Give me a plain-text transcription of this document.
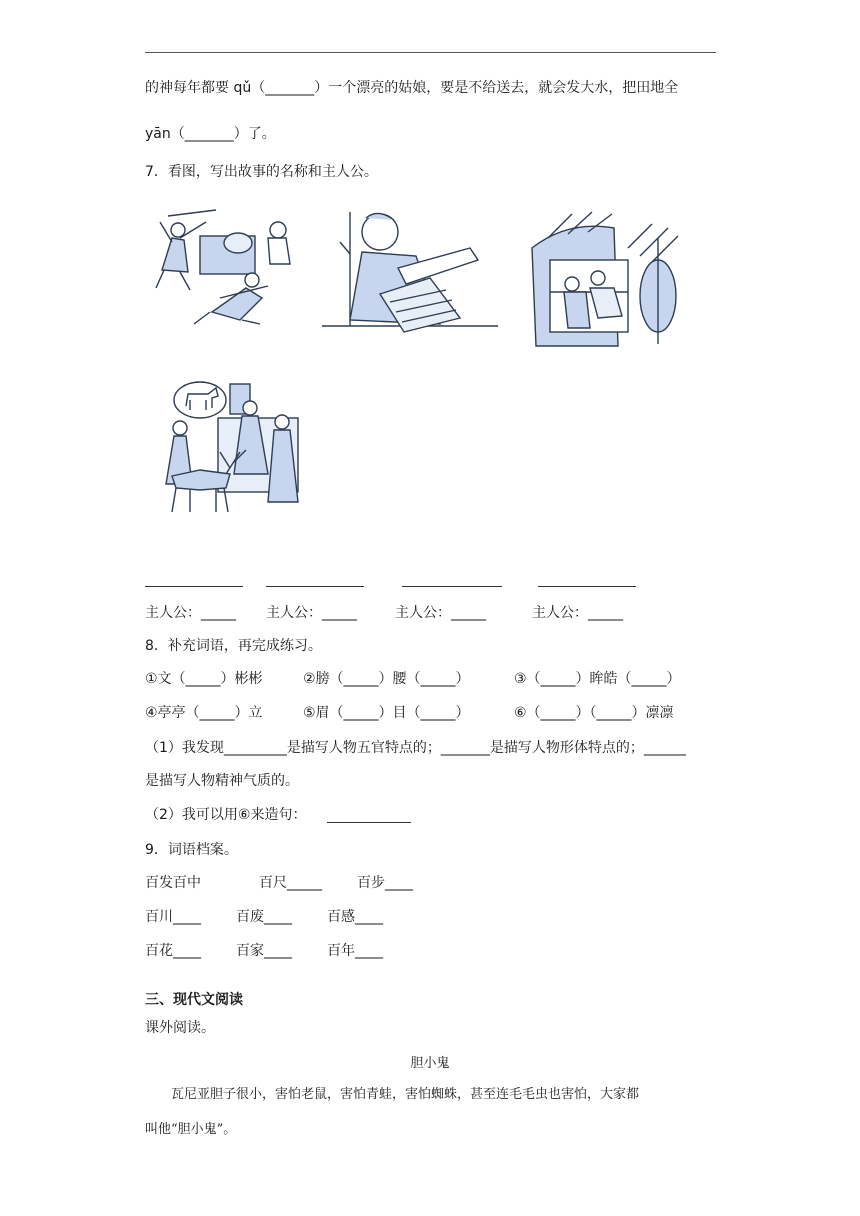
的神每年都要 qǔ（_______）一个漂亮的姑娘，要是不给送去，就会发大水，把田地全
yān（_______）了。
7．看图，写出故事的名称和主人公。
主人公：_____ 主人公：_____	主人公：_____	主人公：_____
8．补充词语，再完成练习。
①文（_____）彬彬	②膀（_____）腰（_____）	③（_____）眸皓（_____）
④亭亭（_____）立	⑤眉（_____）目（_____）	⑥（_____）（_____）凛凛
（1）我发现_________是描写人物五官特点的；_______是描写人物形体特点的；______
是描写人物精神气质的。
（2）我可以用⑥来造句：
9．词语档案。
百发百中	百尺_____	百步____
百川____	百废____	百感____
百花____	百家____	百年____
三、现代文阅读
课外阅读。
胆小鬼
瓦尼亚胆子很小，害怕老鼠，害怕青蛙，害怕蜘蛛，甚至连毛毛虫也害怕，大家都
叫他“胆小鬼”。
